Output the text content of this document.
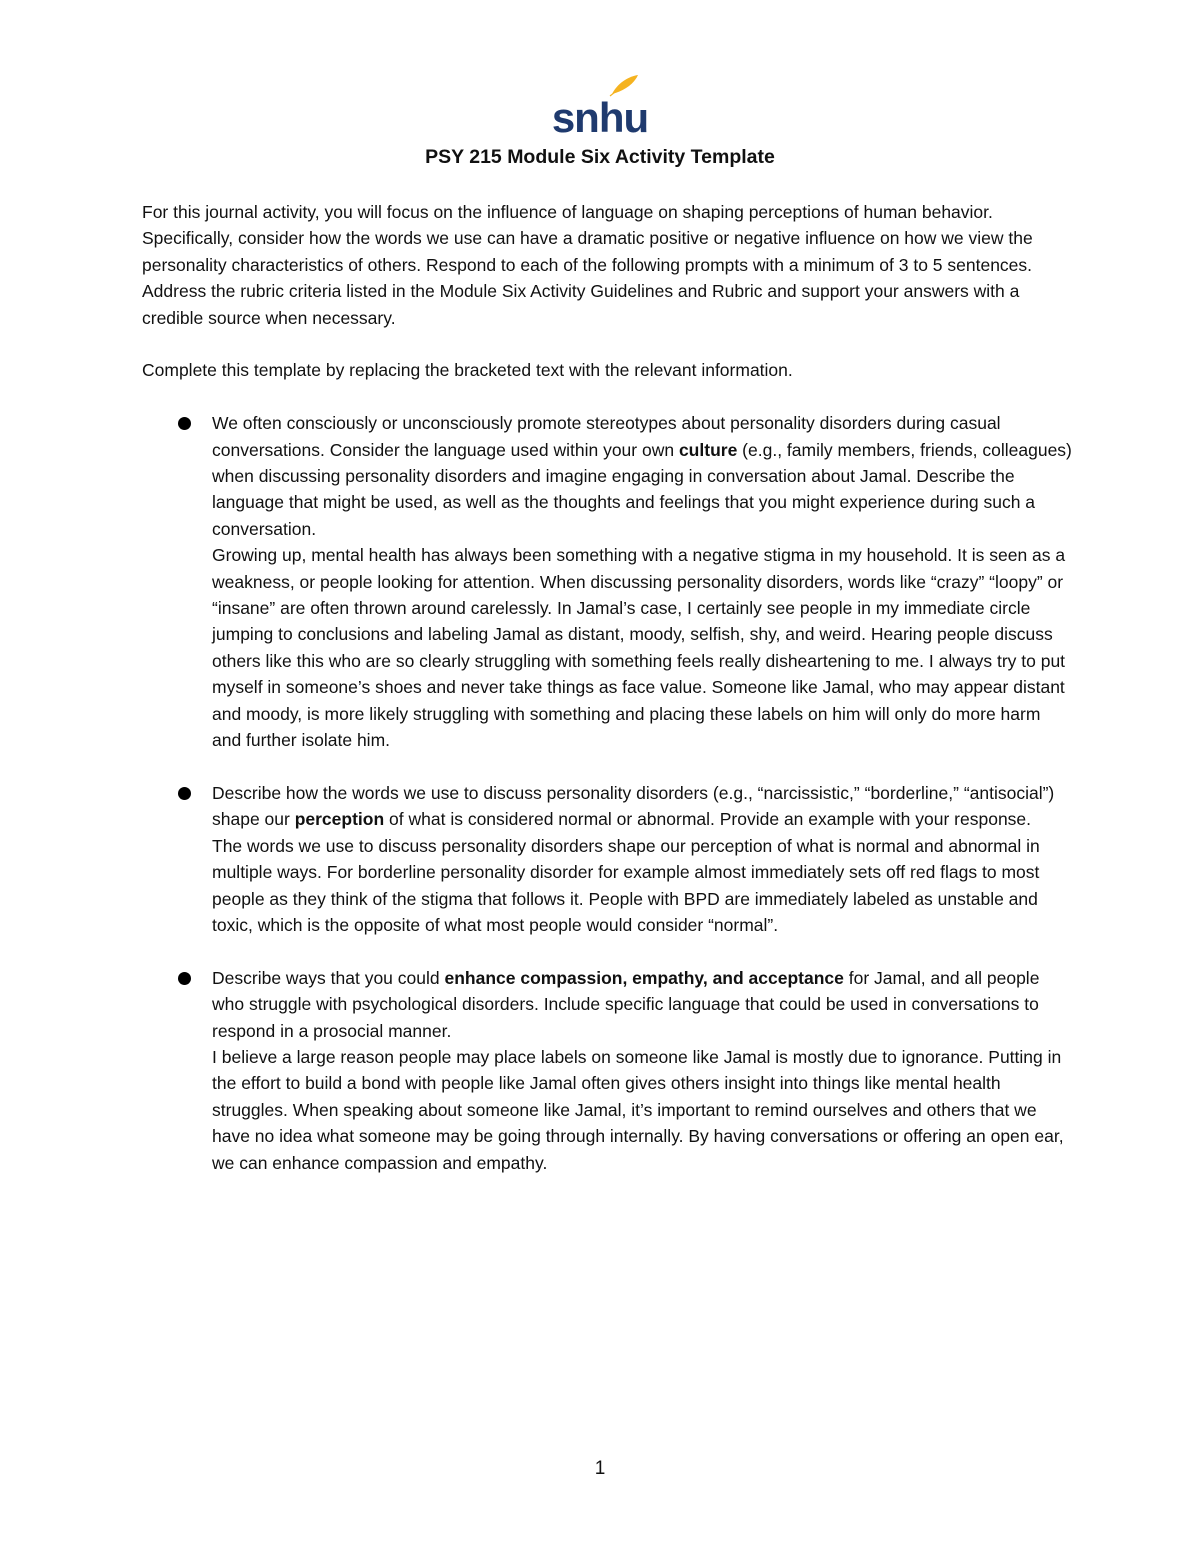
snhu
PSY 215 Module Six Activity Template

For this journal activity, you will focus on the influence of language on shaping perceptions of human behavior. Specifically, consider how the words we use can have a dramatic positive or negative influence on how we view the personality characteristics of others. Respond to each of the following prompts with a minimum of 3 to 5 sentences. Address the rubric criteria listed in the Module Six Activity Guidelines and Rubric and support your answers with a credible source when necessary.

Complete this template by replacing the bracketed text with the relevant information.

We often consciously or unconsciously promote stereotypes about personality disorders during casual conversations. Consider the language used within your own culture (e.g., family members, friends, colleagues) when discussing personality disorders and imagine engaging in conversation about Jamal. Describe the language that might be used, as well as the thoughts and feelings that you might experience during such a conversation.

Growing up, mental health has always been something with a negative stigma in my household. It is seen as a weakness, or people looking for attention. When discussing personality disorders, words like “crazy” “loopy” or “insane” are often thrown around carelessly. In Jamal’s case, I certainly see people in my immediate circle jumping to conclusions and labeling Jamal as distant, moody, selfish, shy, and weird. Hearing people discuss others like this who are so clearly struggling with something feels really disheartening to me. I always try to put myself in someone’s shoes and never take things as face value. Someone like Jamal, who may appear distant and moody, is more likely struggling with something and placing these labels on him will only do more harm and further isolate him.

Describe how the words we use to discuss personality disorders (e.g., “narcissistic,” “borderline,” “antisocial”) shape our perception of what is considered normal or abnormal. Provide an example with your response.

The words we use to discuss personality disorders shape our perception of what is normal and abnormal in multiple ways. For borderline personality disorder for example almost immediately sets off red flags to most people as they think of the stigma that follows it. People with BPD are immediately labeled as unstable and toxic, which is the opposite of what most people would consider “normal”.

Describe ways that you could enhance compassion, empathy, and acceptance for Jamal, and all people who struggle with psychological disorders. Include specific language that could be used in conversations to respond in a prosocial manner.

I believe a large reason people may place labels on someone like Jamal is mostly due to ignorance. Putting in the effort to build a bond with people like Jamal often gives others insight into things like mental health struggles. When speaking about someone like Jamal, it’s important to remind ourselves and others that we have no idea what someone may be going through internally. By having conversations or offering an open ear, we can enhance compassion and empathy.

1
